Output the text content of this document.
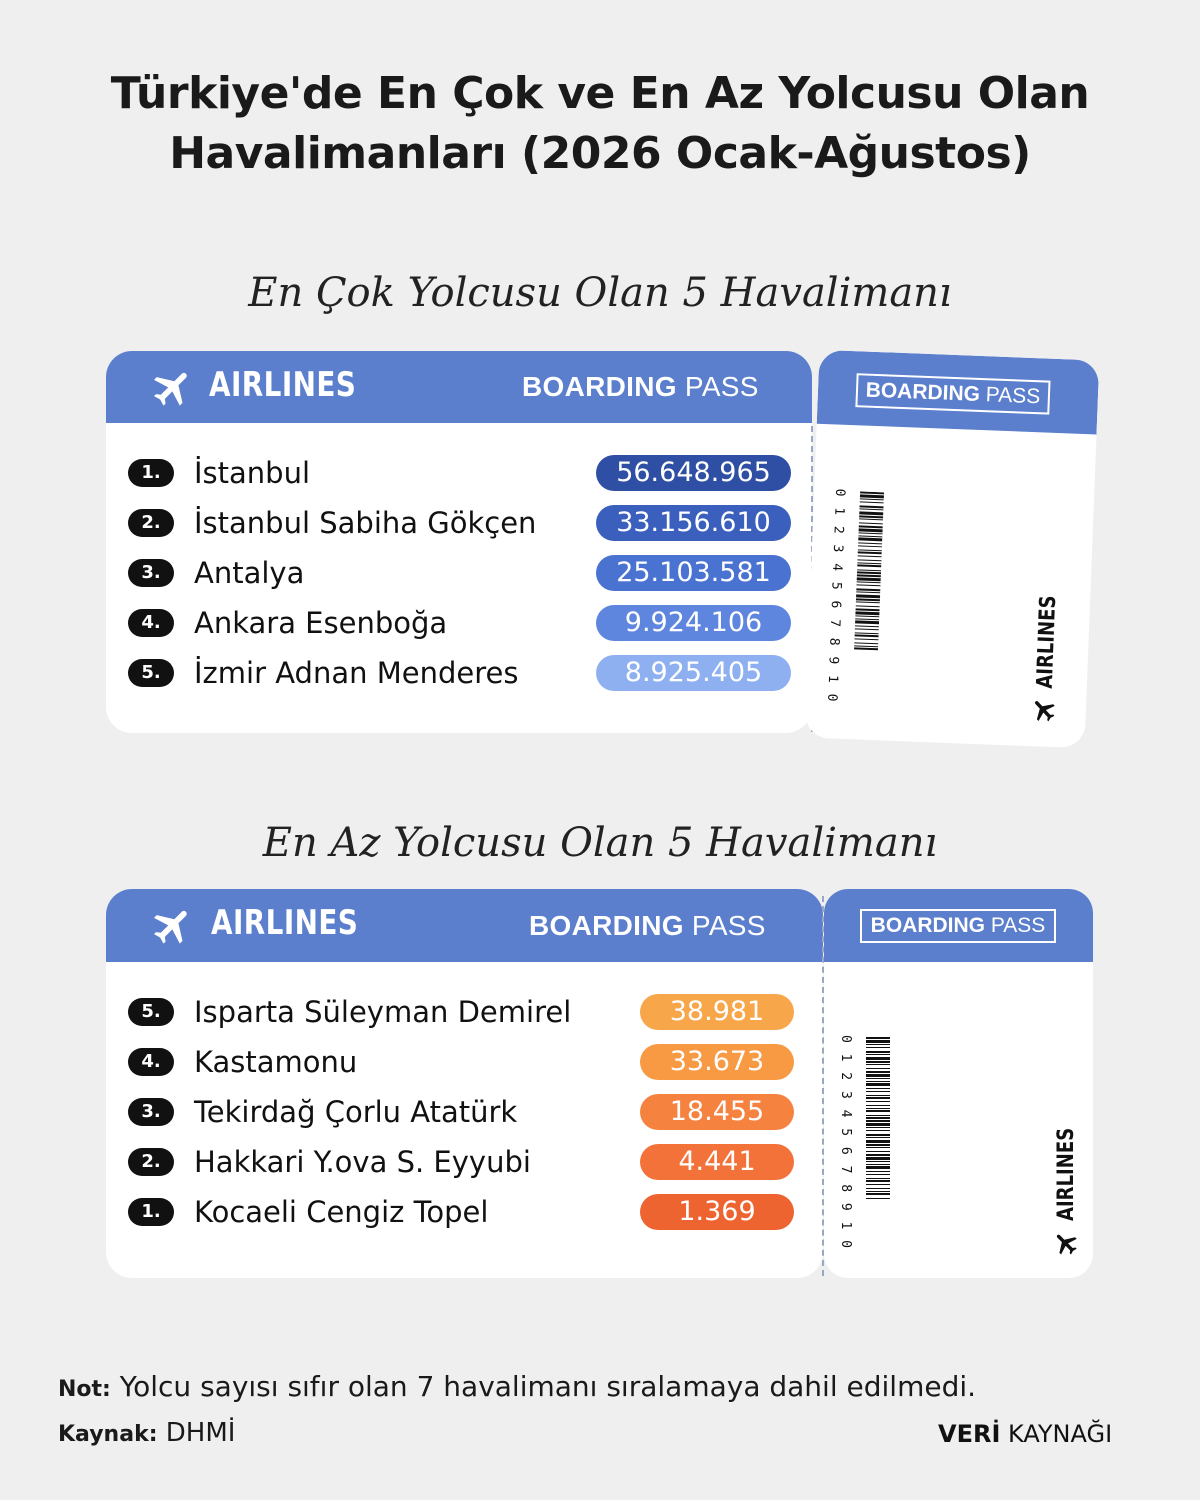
Türkiye'de En Çok ve En Az Yolcusu Olan
Havalimanları (2026 Ocak-Ağustos)
En Çok Yolcusu Olan 5 Havalimanı
AIRLINES	BOARDING PASS
1.	İstanbul	56.648.965
2.	İstanbul Sabiha Gökçen	33.156.610
3.	Antalya	25.103.581
4.	Ankara Esenboğa	9.924.106
5.	İzmir Adnan Menderes	8.925.405
BOARDING PASS
0 1 2 3 4 5 6 7 8 9 1 0	AIRLINES
En Az Yolcusu Olan 5 Havalimanı
AIRLINES	BOARDING PASS
5.	Isparta Süleyman Demirel	38.981
4.	Kastamonu	33.673
3.	Tekirdağ Çorlu Atatürk	18.455
2.	Hakkari Y.ova S. Eyyubi	4.441
1.	Kocaeli Cengiz Topel	1.369
BOARDING PASS
0 1 2 3 4 5 6 7 8 9 1 0	AIRLINES
Not: Yolcu sayısı sıfır olan 7 havalimanı sıralamaya dahil edilmedi.
Kaynak: DHMİ	VERİ KAYNAĞI
